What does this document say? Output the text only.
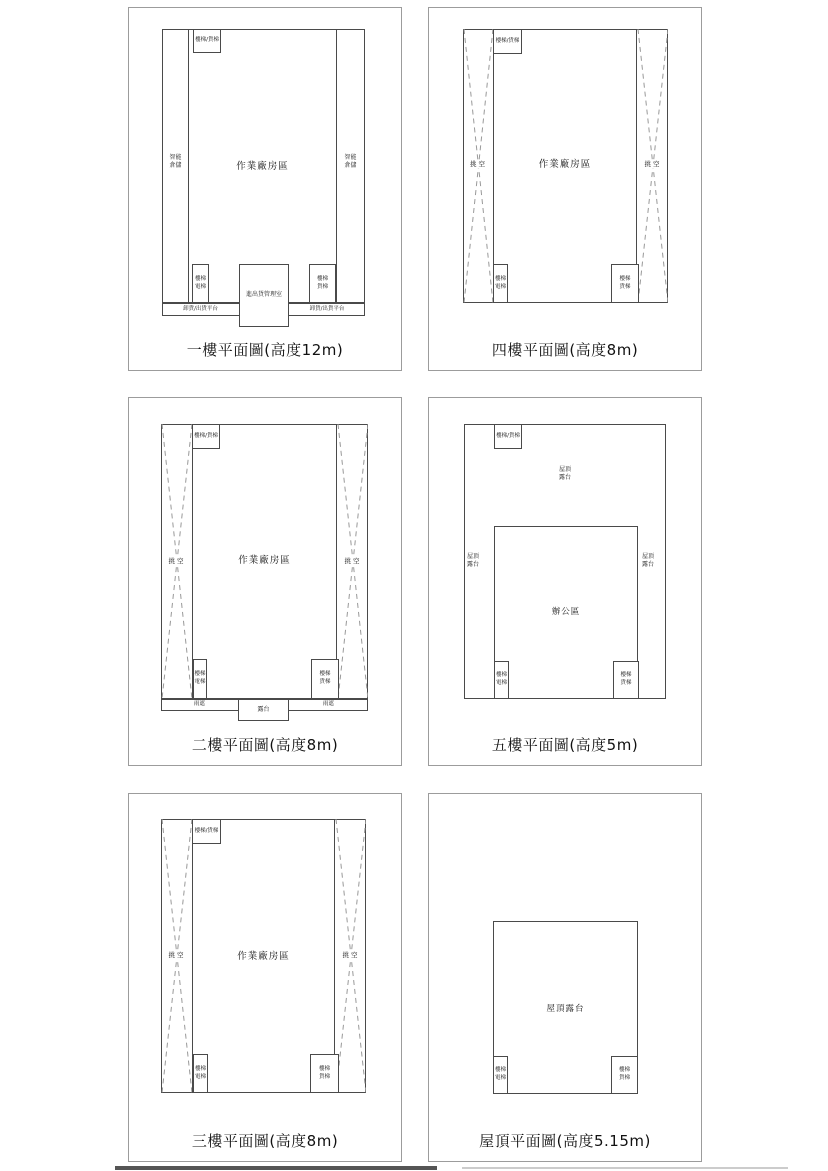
智能
倉儲
智能
倉儲
樓梯/貨梯
作業廠房區
樓梯
電梯
樓梯
貨梯
卸貨/出貨平台	卸貨/出貨平台
進出貨管理室
一樓平面圖(高度12m)
挑空	挑空
樓梯/貨梯
作業廠房區
樓梯
電梯
樓梯
貨梯
四樓平面圖(高度8m)
挑空	挑空
樓梯/貨梯
作業廠房區
樓梯
電梯
樓梯
貨梯
雨遮	雨遮
露台
二樓平面圖(高度8m)
樓梯/貨梯
屋頂
露台
屋頂
露台
屋頂
露台
辦公區
樓梯
電梯
樓梯
貨梯
五樓平面圖(高度5m)
挑空	挑空
樓梯/貨梯
作業廠房區
樓梯
電梯
樓梯
貨梯
三樓平面圖(高度8m)
屋頂露台
樓梯
電梯
樓梯
貨梯
屋頂平面圖(高度5.15m)
